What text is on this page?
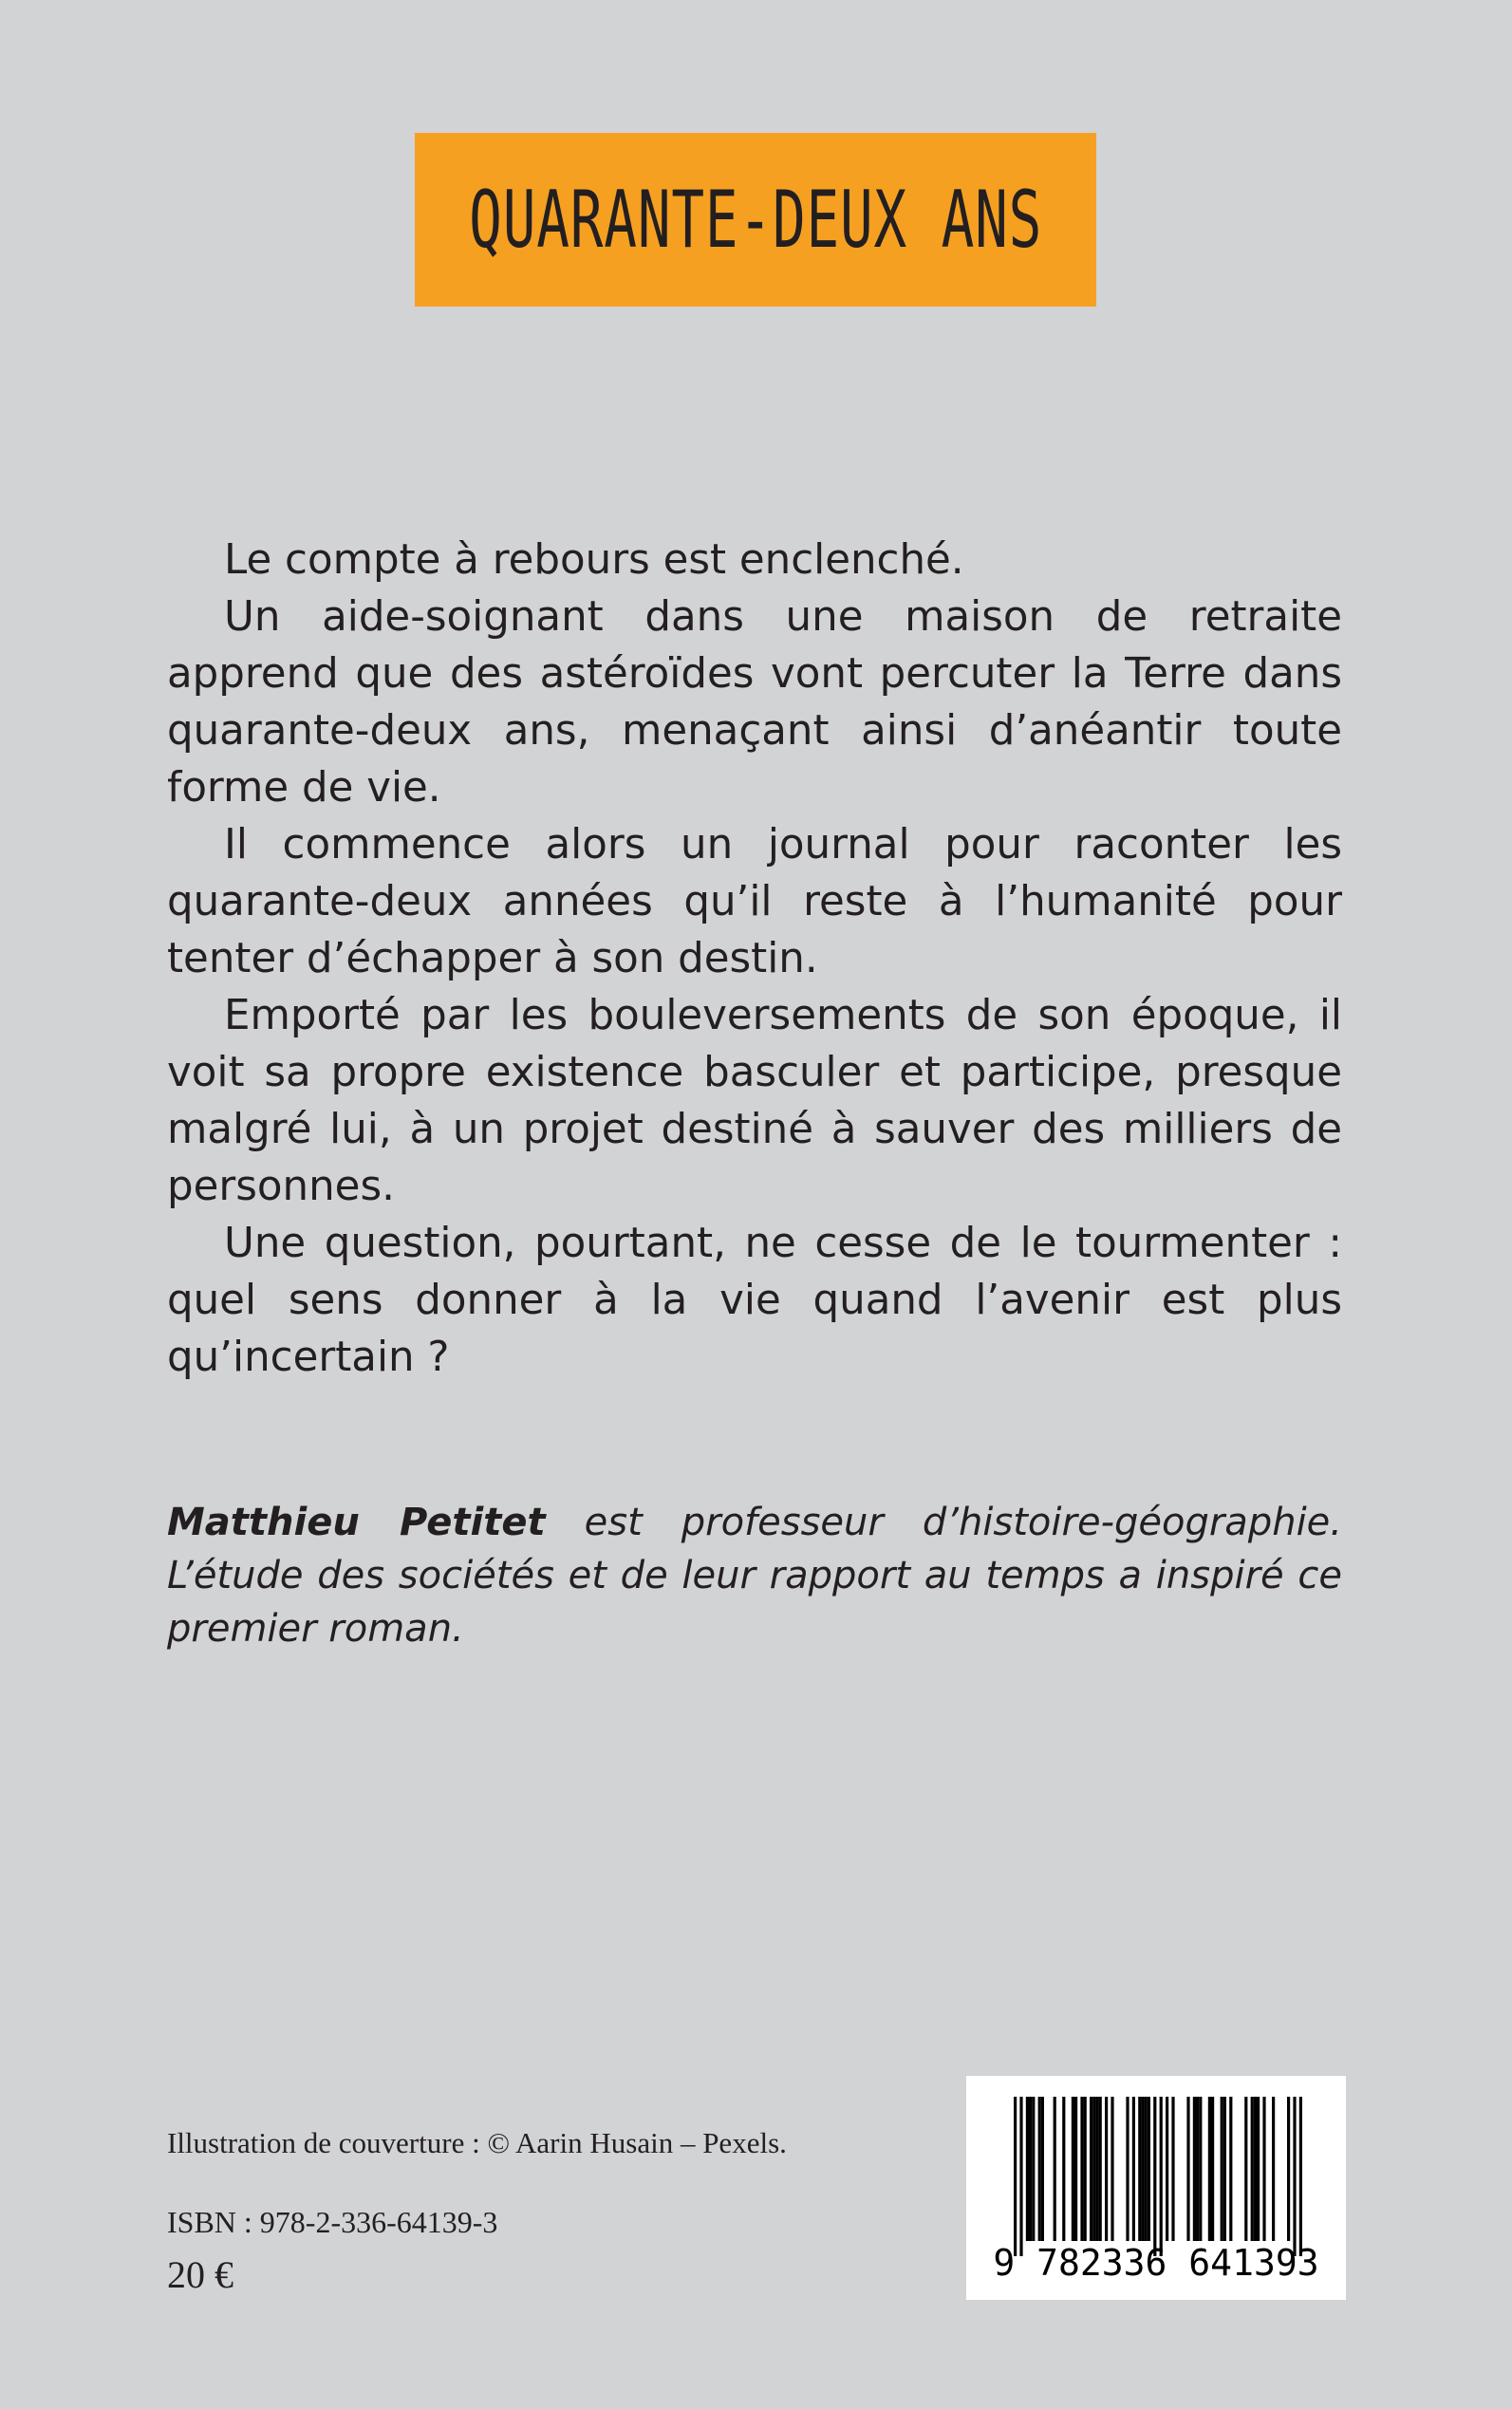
QUARANTE-DEUX ANS

Le compte à rebours est enclenché.

Un aide-soignant dans une maison de retraite apprend que des astéroïdes vont percuter la Terre dans quarante-deux ans, menaçant ainsi d’anéantir toute forme de vie.

Il commence alors un journal pour raconter les quarante-deux années qu’il reste à l’humanité pour tenter d’échapper à son destin.

Emporté par les bouleversements de son époque, il voit sa propre existence basculer et participe, presque malgré lui, à un projet destiné à sauver des milliers de personnes.

Une question, pourtant, ne cesse de le tourmenter : quel sens donner à la vie quand l’avenir est plus qu’incertain ?

Matthieu Petitet est professeur d’histoire-géographie. L’étude des sociétés et de leur rapport au temps a inspiré ce premier roman.
Illustration de couverture : © Aarin Husain – Pexels.
ISBN : 978-2-336-64139-3
20 €	9 782336 641393
